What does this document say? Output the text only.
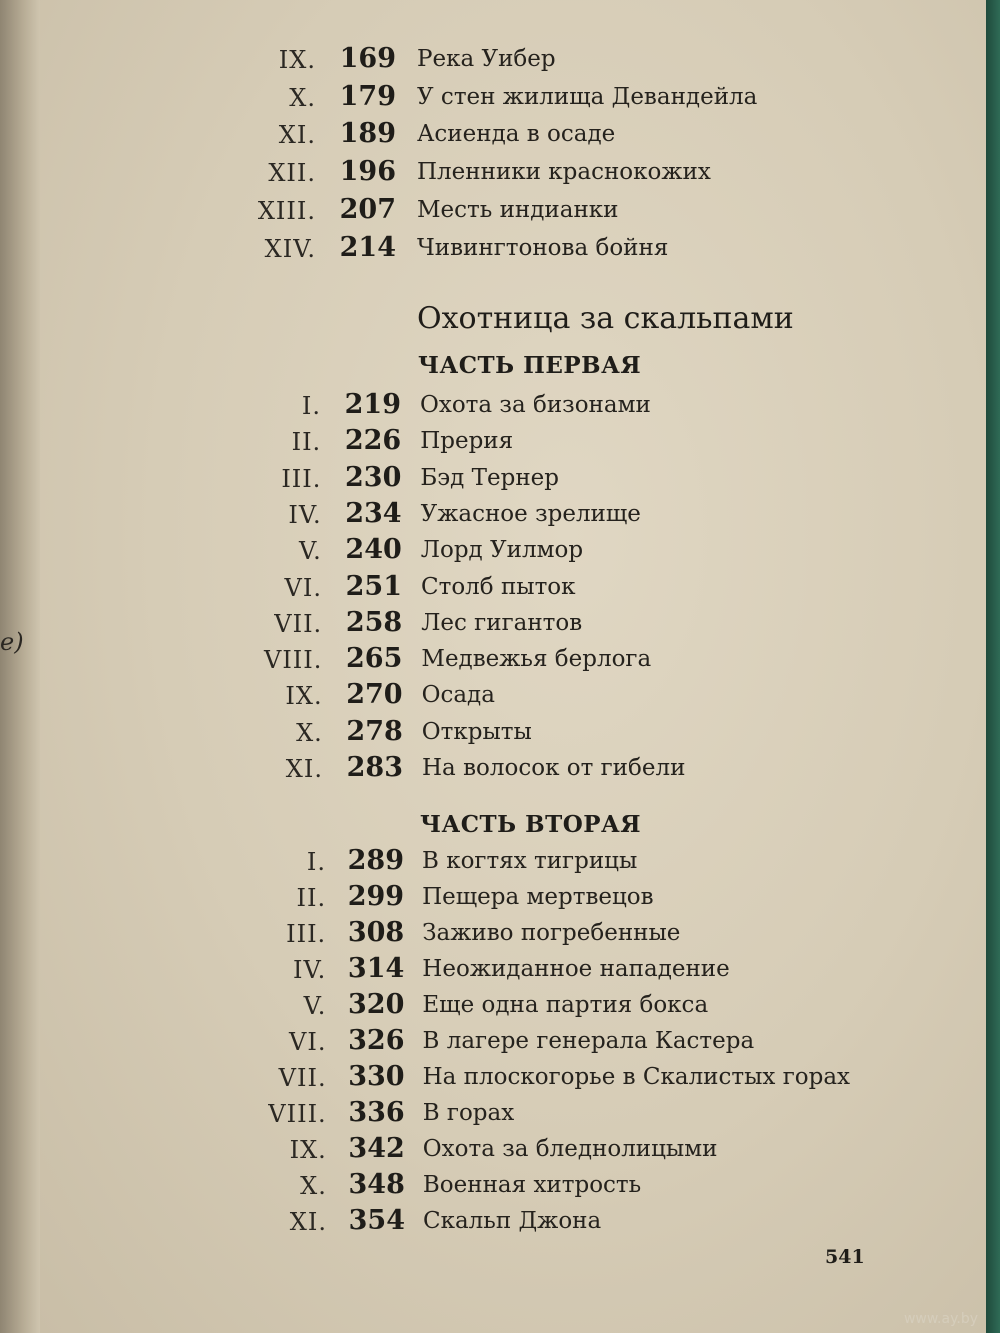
е)
IX. 169 Река Уибер
X. 179 У стен жилища Девандейла
XI. 189 Асиенда в осаде
XII. 196 Пленники краснокожих
XIII. 207 Месть индианки
XIV. 214 Чивингтонова бойня
I. 219 Охота за бизонами
II. 226 Прерия
III. 230 Бэд Тернер
IV. 234 Ужасное зрелище
V. 240 Лорд Уилмор
VI. 251 Столб пыток
VII. 258 Лес гигантов
VIII. 265 Медвежья берлога
IX. 270 Осада
X. 278 Открыты
XI. 283 На волосок от гибели
I. 289 В когтях тигрицы
II. 299 Пещера мертвецов
III. 308 Заживо погребенные
IV. 314 Неожиданное нападение
V. 320 Еще одна партия бокса
VI. 326 В лагере генерала Кастера
VII. 330 На плоскогорье в Скалистых горах
VIII. 336 В горах
IX. 342 Охота за бледнолицыми
X. 348 Военная хитрость
XI. 354 Скальп Джона
Охотница за скальпами
ЧАСТЬ ПЕРВАЯ
ЧАСТЬ ВТОРАЯ
541
www.ay.by
